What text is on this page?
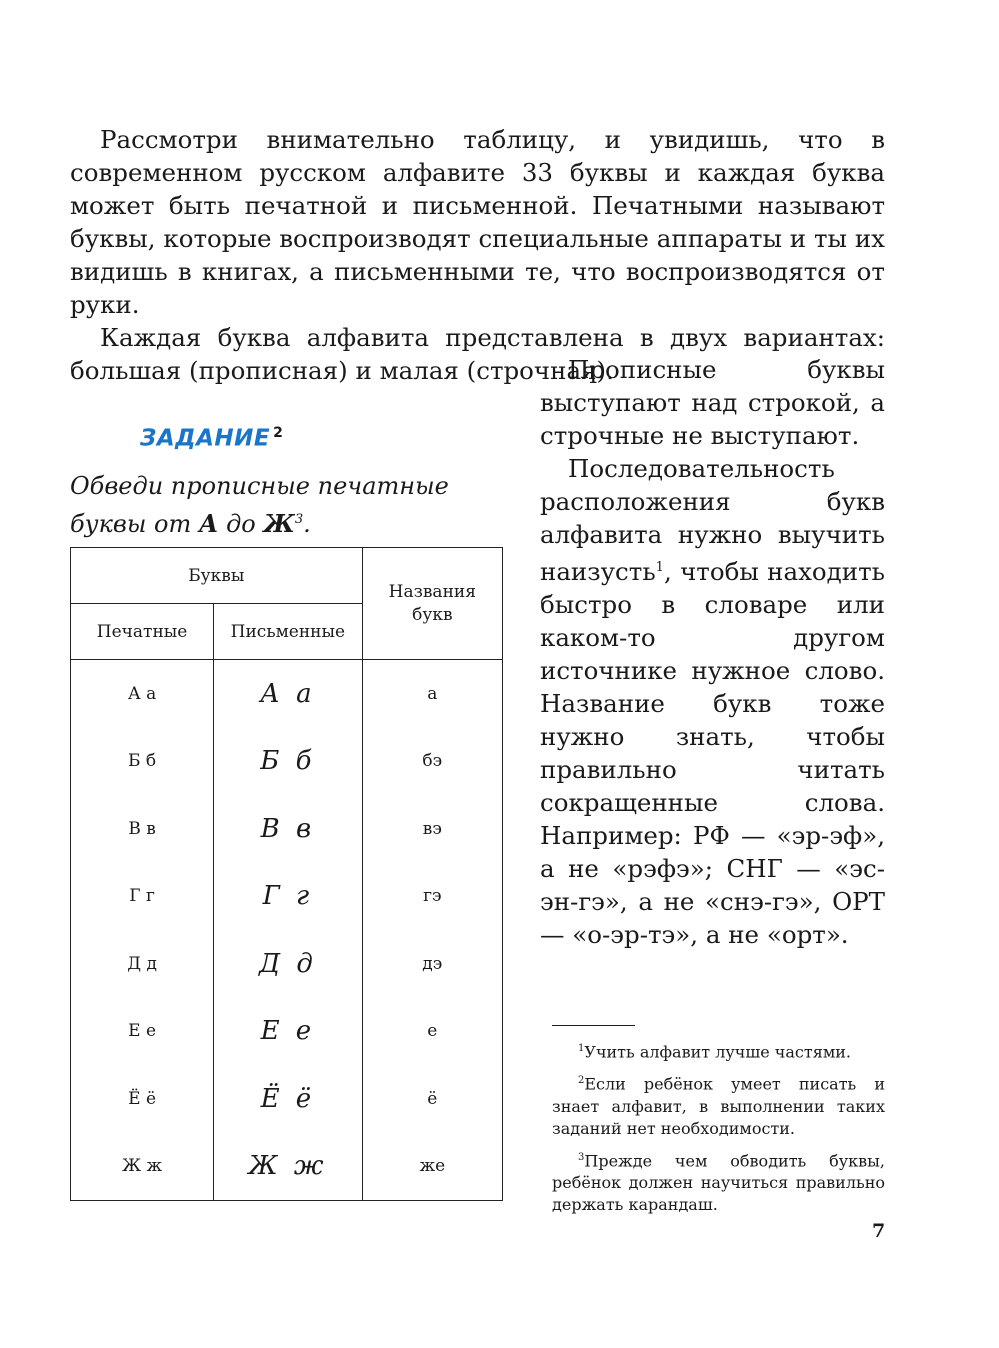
Рассмотри внимательно таблицу, и увидишь, что в современном русском алфавите 33 буквы и каждая буква может быть печатной и письменной. Печатными называют буквы, которые воспроизводят специальные аппараты и ты их видишь в книгах, а письменными те, что воспроизводятся от руки.

Каждая буква алфавита представлена в двух вариантах: большая (прописная) и малая (строчная).

ЗАДАНИЕ $^2$
Обведи прописные печатные буквы от А до $Ж^3$.
Буквы		Названия букв
Печатные	Письменные	
А а	А а	а
Б б	Б б	бэ
В в	В в	вэ
Г г	Г г	гэ
Д д	Д д	дэ
Е е	Е е	е
Ё ё	Ё ё	ё
Ж ж	Ж ж	же

Прописные буквы выступают над строкой, а строчные не выступают.

Последовательность расположения букв алфавита нужно выучить наизусть$^1$, чтобы находить быстро в словаре или каком-то другом источнике нужное слово. Название букв тоже нужно знать, чтобы правильно читать сокращенные слова. Например: РФ — «эр-эф», а не «рэфэ»; СНГ — «эс-эн-гэ», а не «снэ-гэ», ОРТ — «о-эр-тэ», а не «орт».

$^1$Учить алфавит лучше частями.

$^2$Если ребёнок умеет писать и знает алфавит, в выполнении таких заданий нет необходимости.

$^3$Прежде чем обводить буквы, ребёнок должен научиться правильно держать карандаш.

7
